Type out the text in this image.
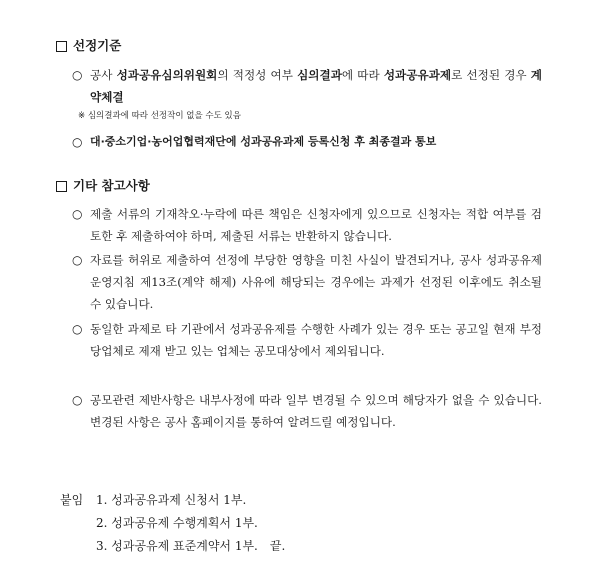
선정기준
○ 공사 성과공유심의위원회의 적정성 여부 심의결과에 따라 성과공유과제로 선정된 경우 계약체결
※ 심의결과에 따라 선정작이 없을 수도 있음
○ 대·중소기업·농어업협력재단에 성과공유과제 등록신청 후 최종결과 통보
기타 참고사항
○ 제출 서류의 기재착오·누락에 따른 책임은 신청자에게 있으므로 신청자는 적합 여부를 검토한 후 제출하여야 하며, 제출된 서류는 반환하지 않습니다.
○ 자료를 허위로 제출하여 선정에 부당한 영향을 미친 사실이 발견되거나, 공사 성과공유제 운영지침 제13조(계약 해제) 사유에 해당되는 경우에는 과제가 선정된 이후에도 취소될 수 있습니다.
○ 동일한 과제로 타 기관에서 성과공유제를 수행한 사례가 있는 경우 또는 공고일 현재 부정당업체로 제재 받고 있는 업체는 공모대상에서 제외됩니다.
○ 공모관련 제반사항은 내부사정에 따라 일부 변경될 수 있으며 해당자가 없을 수 있습니다. 변경된 사항은 공사 홈페이지를 통하여 알려드릴 예정입니다.
붙임 1. 성과공유과제 신청서 1부.
2. 성과공유제 수행계획서 1부.
3. 성과공유제 표준계약서 1부.　끝.
